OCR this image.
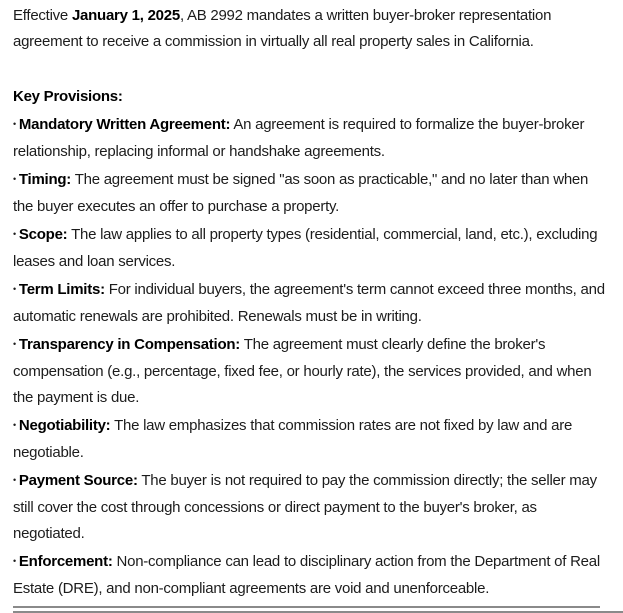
Effective January 1, 2025, AB 2992 mandates a written buyer-broker representation agreement to receive a commission in virtually all real property sales in California.

Key Provisions:
• Mandatory Written Agreement: An agreement is required to formalize the buyer-broker relationship, replacing informal or handshake agreements.
• Timing: The agreement must be signed "as soon as practicable," and no later than when the buyer executes an offer to purchase a property.
• Scope: The law applies to all property types (residential, commercial, land, etc.), excluding leases and loan services.
• Term Limits: For individual buyers, the agreement's term cannot exceed three months, and automatic renewals are prohibited. Renewals must be in writing.
• Transparency in Compensation: The agreement must clearly define the broker's compensation (e.g., percentage, fixed fee, or hourly rate), the services provided, and when the payment is due.
• Negotiability: The law emphasizes that commission rates are not fixed by law and are negotiable.
• Payment Source: The buyer is not required to pay the commission directly; the seller may still cover the cost through concessions or direct payment to the buyer's broker, as negotiated.
• Enforcement: Non-compliance can lead to disciplinary action from the Department of Real Estate (DRE), and non-compliant agreements are void and unenforceable.
